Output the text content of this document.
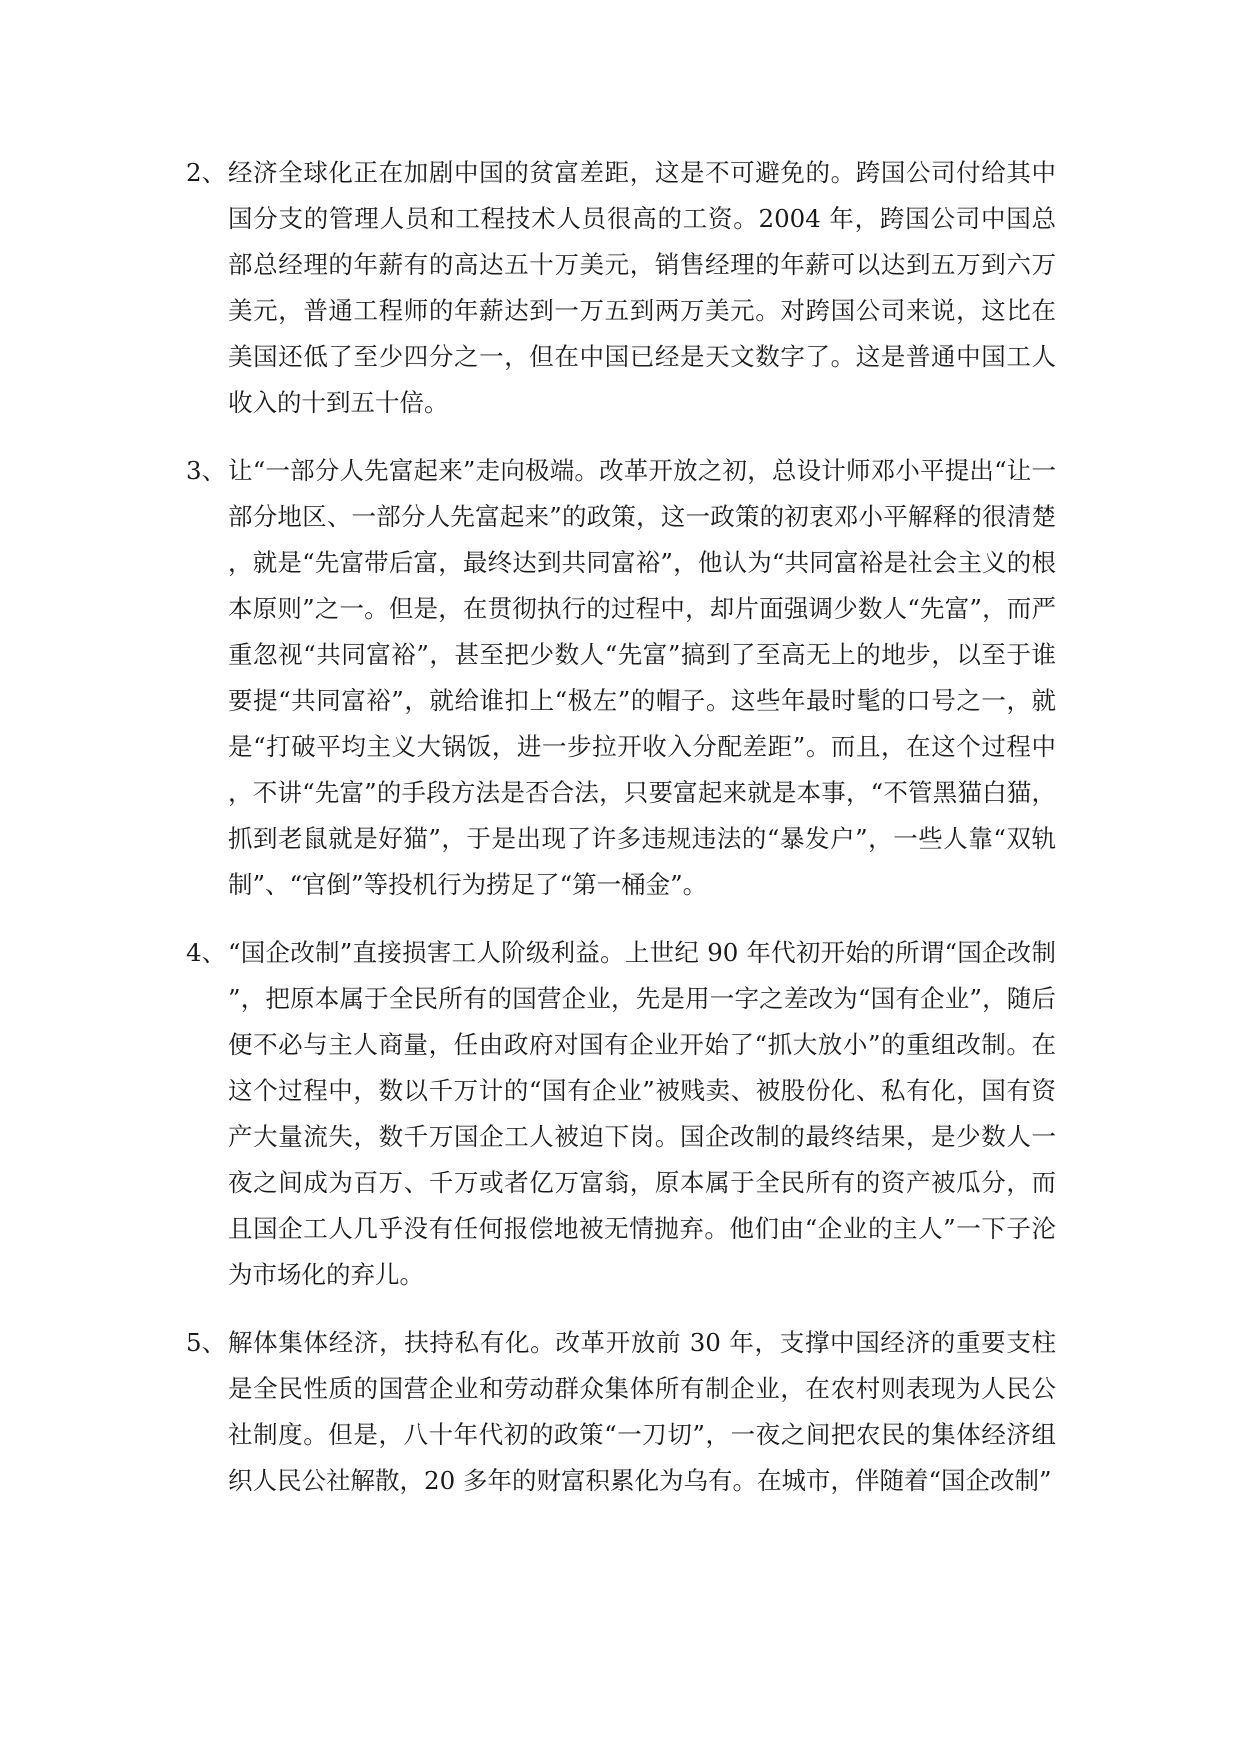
2、 经济全球化正在加剧中国的贫富差距，这是不可避免的。跨国公司付给其中国分支的管理人员和工程技术人员很高的工资。2004 年，跨国公司中国总部总经理的年薪有的高达五十万美元，销售经理的年薪可以达到五万到六万美元，普通工程师的年薪达到一万五到两万美元。对跨国公司来说，这比在美国还低了至少四分之一，但在中国已经是天文数字了。这是普通中国工人收入的十到五十倍。
3、 让“一部分人先富起来”走向极端。改革开放之初，总设计师邓小平提出“让一部分地区、一部分人先富起来”的政策，这一政策的初衷邓小平解释的很清楚，就是“先富带后富，最终达到共同富裕”，他认为“共同富裕是社会主义的根本原则”之一。但是，在贯彻执行的过程中，却片面强调少数人“先富”，而严重忽视“共同富裕”，甚至把少数人“先富”搞到了至高无上的地步，以至于谁要提“共同富裕”，就给谁扣上“极左”的帽子。这些年最时髦的口号之一，就是“打破平均主义大锅饭，进一步拉开收入分配差距”。而且，在这个过程中，不讲“先富”的手段方法是否合法，只要富起来就是本事，“不管黑猫白猫，抓到老鼠就是好猫”，于是出现了许多违规违法的“暴发户”，一些人靠“双轨制”、“官倒”等投机行为捞足了“第一桶金”。
4、 “国企改制”直接损害工人阶级利益。上世纪 90 年代初开始的所谓“国企改制”，把原本属于全民所有的国营企业，先是用一字之差改为“国有企业”，随后便不必与主人商量，任由政府对国有企业开始了“抓大放小”的重组改制。在这个过程中，数以千万计的“国有企业”被贱卖、被股份化、私有化，国有资产大量流失，数千万国企工人被迫下岗。国企改制的最终结果，是少数人一夜之间成为百万、千万或者亿万富翁，原本属于全民所有的资产被瓜分，而且国企工人几乎没有任何报偿地被无情抛弃。他们由“企业的主人”一下子沦为市场化的弃儿。
5、 解体集体经济，扶持私有化。改革开放前 30 年，支撑中国经济的重要支柱是全民性质的国营企业和劳动群众集体所有制企业，在农村则表现为人民公社制度。但是，八十年代初的政策“一刀切”，一夜之间把农民的集体经济组织人民公社解散，20 多年的财富积累化为乌有。在城市，伴随着“国企改制”
